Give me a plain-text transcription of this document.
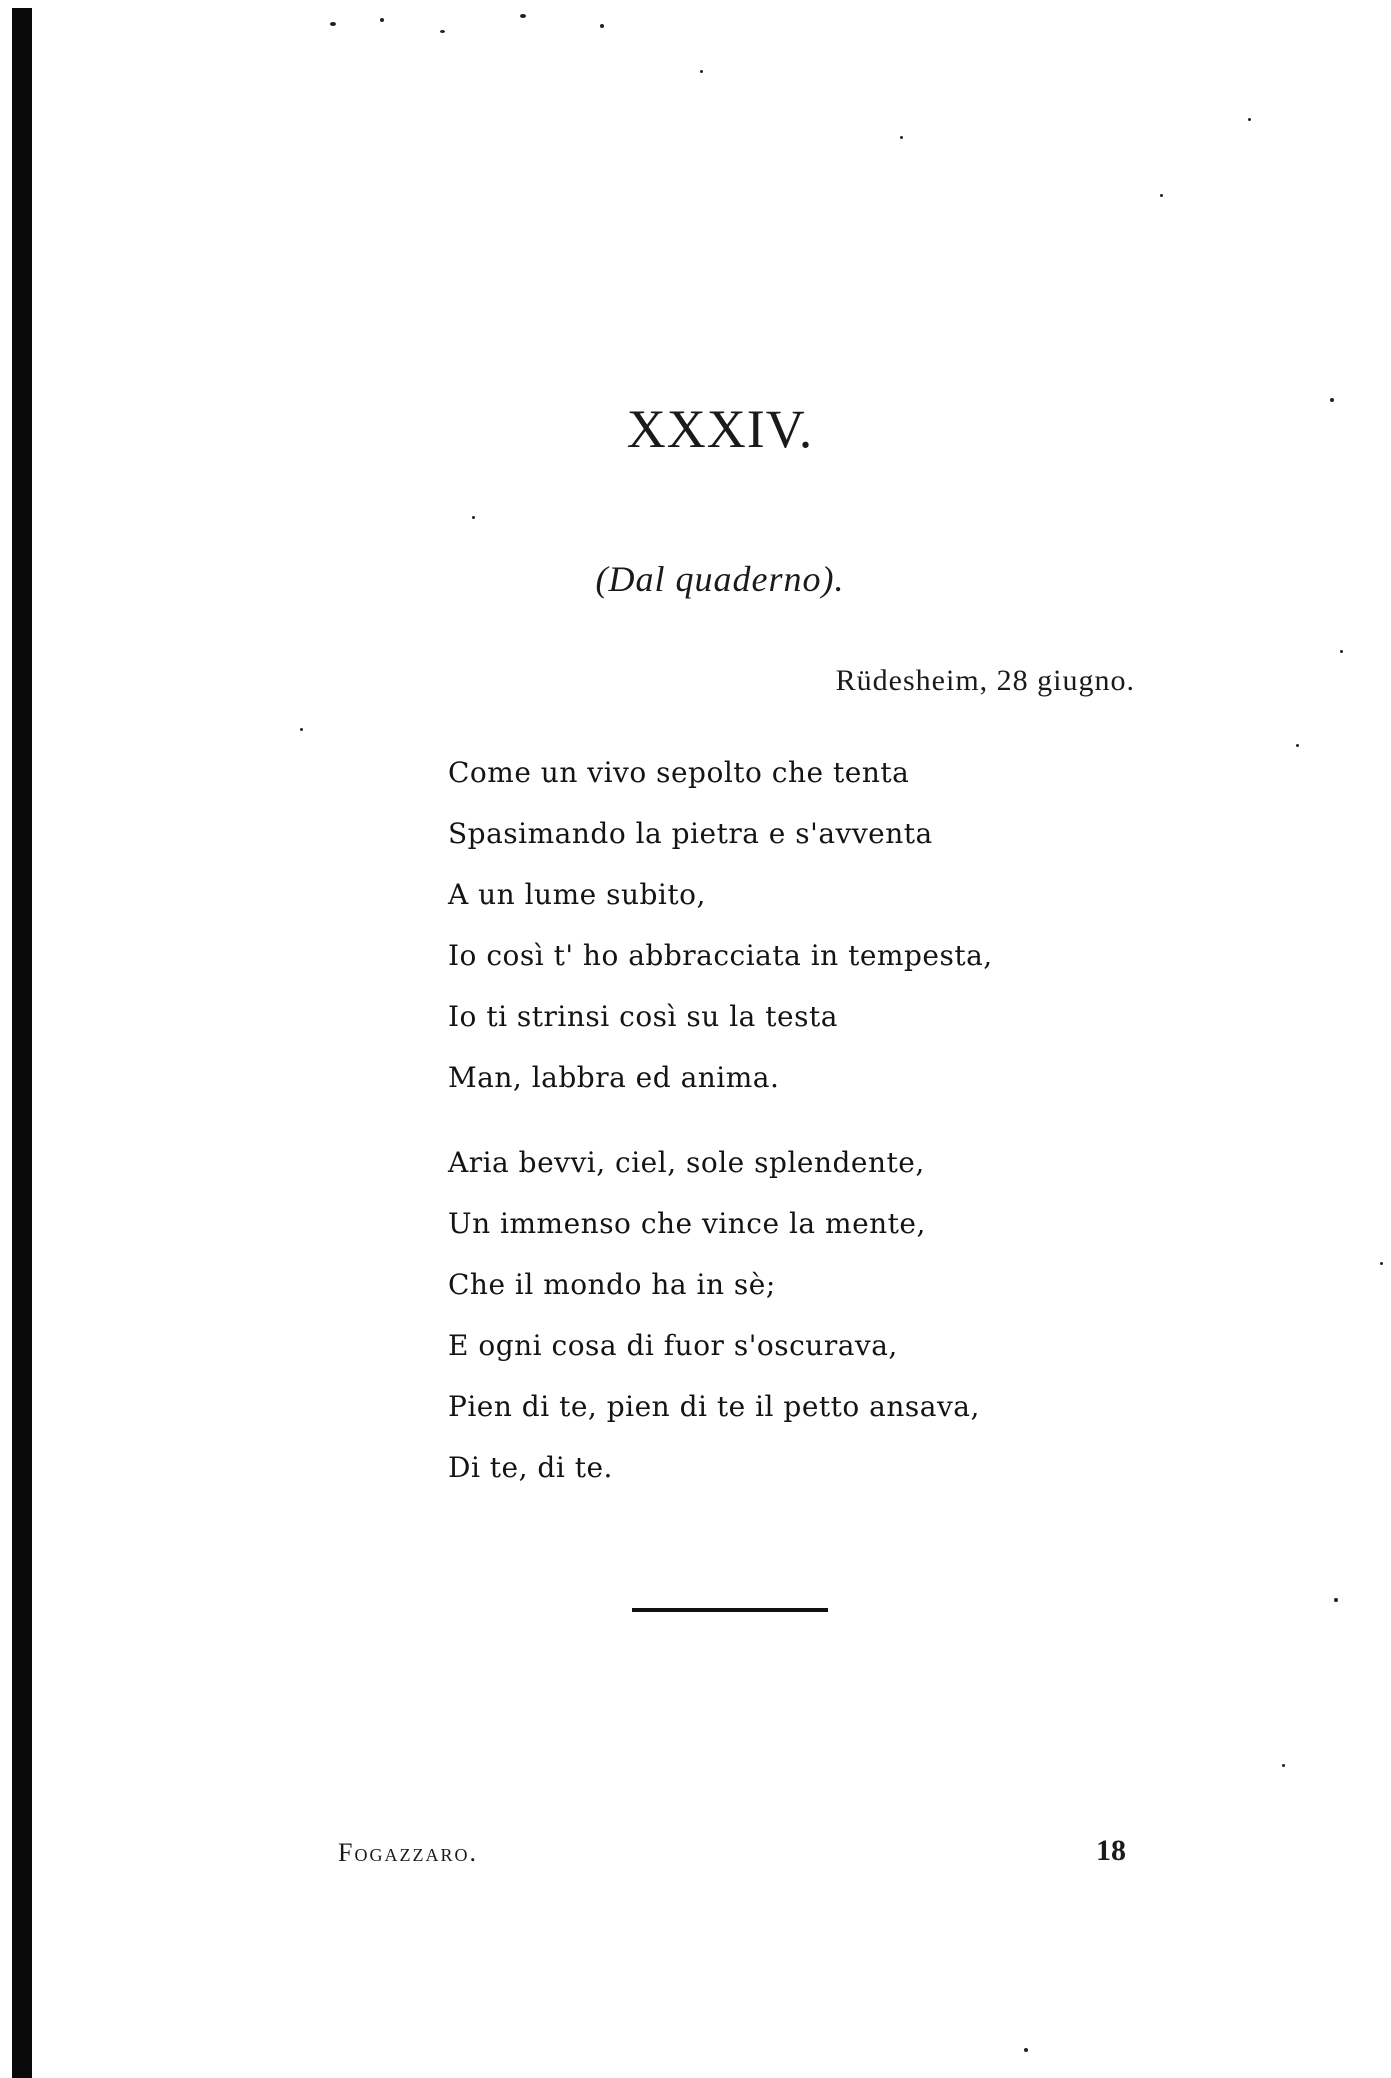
XXXIV.
(Dal quaderno).
Rüdesheim, 28 giugno.
Come un vivo sepolto che tenta
Spasimando la pietra e s'avventa
A un lume subito,
Io così t' ho abbracciata in tempesta,
Io ti strinsi così su la testa
Man, labbra ed anima.
Aria bevvi, ciel, sole splendente,
Un immenso che vince la mente,
Che il mondo ha in sè;
E ogni cosa di fuor s'oscurava,
Pien di te, pien di te il petto ansava,
Di te, di te.
Fogazzaro.	18
